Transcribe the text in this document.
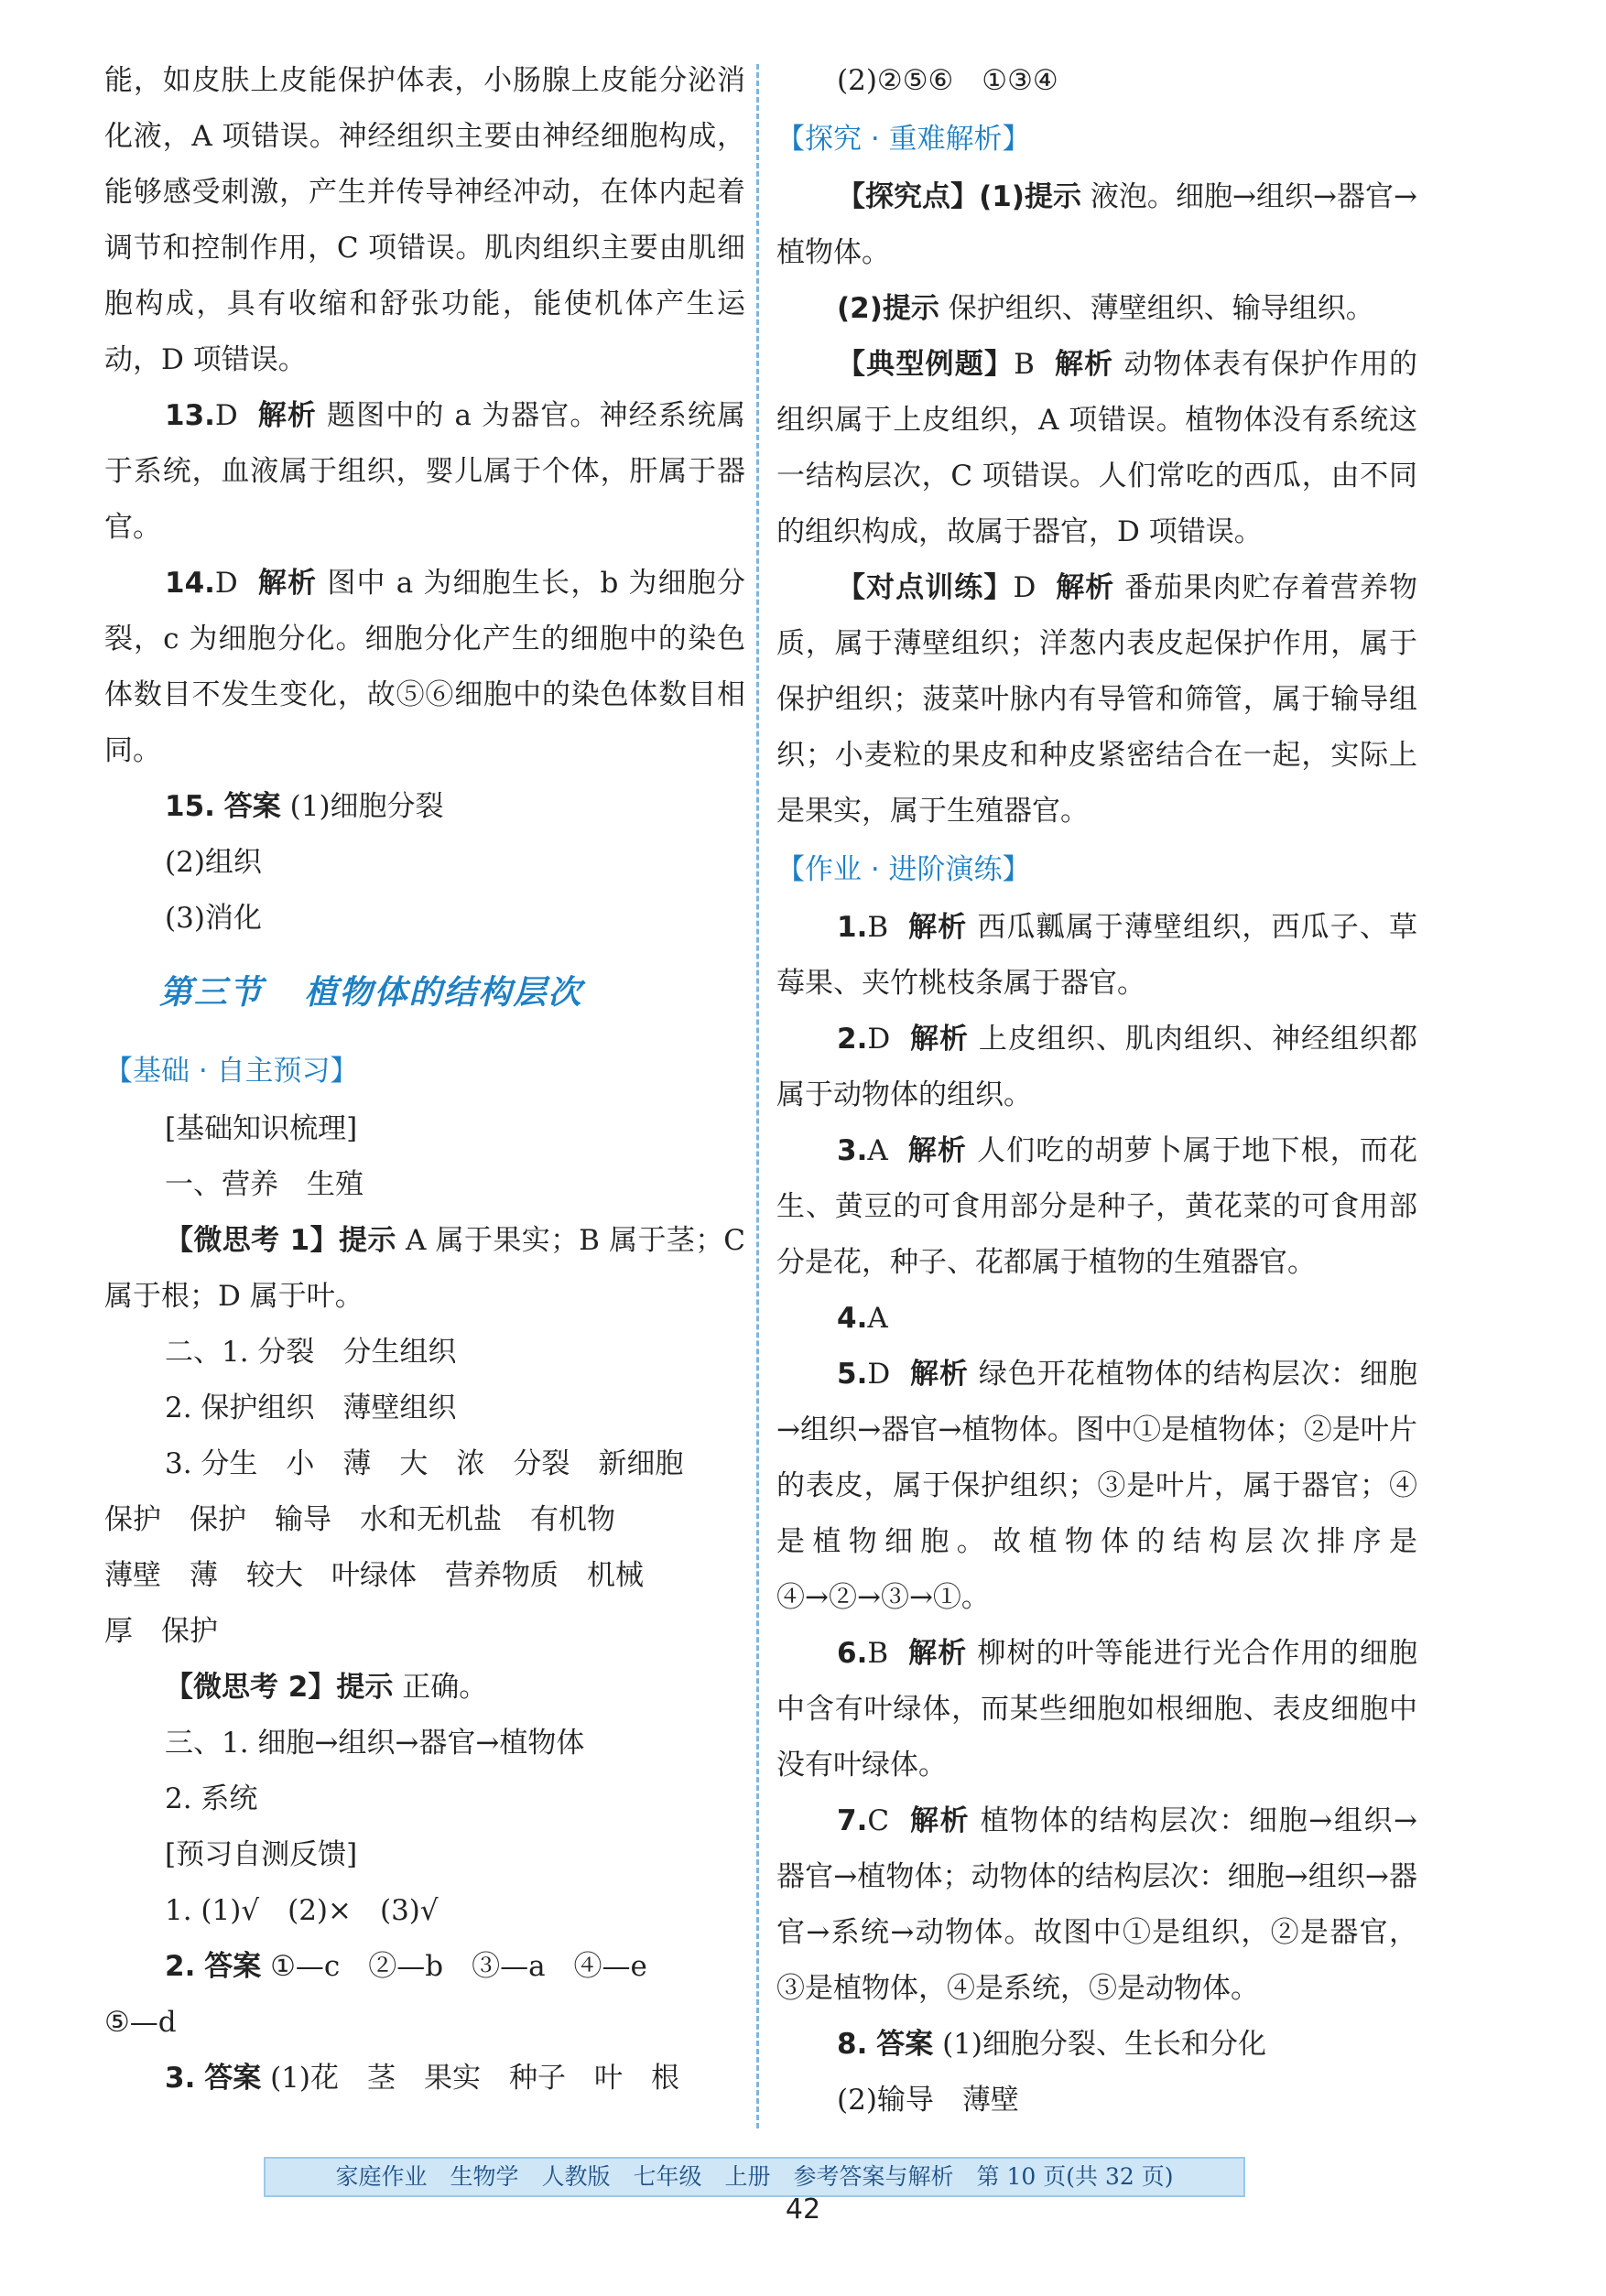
能，如皮肤上皮能保护体表，小肠腺上皮能分泌消化液，A 项错误。神经组织主要由神经细胞构成，能够感受刺激，产生并传导神经冲动，在体内起着调节和控制作用，C 项错误。肌肉组织主要由肌细胞构成，具有收缩和舒张功能，能使机体产生运动，D 项错误。

13.D 解析 题图中的 a 为器官。神经系统属于系统，血液属于组织，婴儿属于个体，肝属于器官。

14.D 解析 图中 a 为细胞生长，b 为细胞分裂，c 为细胞分化。细胞分化产生的细胞中的染色体数目不发生变化，故⑤⑥细胞中的染色体数目相同。

15. 答案 (1)细胞分裂

(2)组织

(3)消化

第三节 植物体的结构层次

【基础 · 自主预习】

[基础知识梳理]

一、营养　生殖

【微思考 1】提示 A 属于果实；B 属于茎；C 属于根；D 属于叶。

二、1. 分裂　分生组织

2. 保护组织　薄壁组织

3. 分生　小　薄　大　浓　分裂　新细胞

保护　保护　输导　水和无机盐　有机物

薄壁　薄　较大　叶绿体　营养物质　机械

厚　保护

【微思考 2】提示 正确。

三、1. 细胞→组织→器官→植物体

2. 系统

[预习自测反馈]

1. (1)√　(2)×　(3)√

2. 答案 ①—c　②—b　③—a　④—e

⑤—d

3. 答案 (1)花　茎　果实　种子　叶　根

(2)②⑤⑥　①③④

【探究 · 重难解析】

【探究点】(1)提示 液泡。细胞→组织→器官→植物体。

(2)提示 保护组织、薄壁组织、输导组织。

【典型例题】B 解析 动物体表有保护作用的组织属于上皮组织，A 项错误。植物体没有系统这一结构层次，C 项错误。人们常吃的西瓜，由不同的组织构成，故属于器官，D 项错误。

【对点训练】D 解析 番茄果肉贮存着营养物质，属于薄壁组织；洋葱内表皮起保护作用，属于保护组织；菠菜叶脉内有导管和筛管，属于输导组织；小麦粒的果皮和种皮紧密结合在一起，实际上是果实，属于生殖器官。

【作业 · 进阶演练】

1.B 解析 西瓜瓤属于薄壁组织，西瓜子、草莓果、夹竹桃枝条属于器官。

2.D 解析 上皮组织、肌肉组织、神经组织都属于动物体的组织。

3.A 解析 人们吃的胡萝卜属于地下根，而花生、黄豆的可食用部分是种子，黄花菜的可食用部分是花，种子、花都属于植物的生殖器官。

4.A

5.D 解析 绿色开花植物体的结构层次：细胞→组织→器官→植物体。图中①是植物体；②是叶片的表皮，属于保护组织；③是叶片，属于器官；④是植物细胞。故植物体的结构层次排序是④→②→③→①。

6.B 解析 柳树的叶等能进行光合作用的细胞中含有叶绿体，而某些细胞如根细胞、表皮细胞中没有叶绿体。

7.C 解析 植物体的结构层次：细胞→组织→器官→植物体；动物体的结构层次：细胞→组织→器官→系统→动物体。故图中①是组织，②是器官，③是植物体，④是系统，⑤是动物体。

8. 答案 (1)细胞分裂、生长和分化

(2)输导　薄壁

家庭作业　生物学　人教版　七年级　上册　参考答案与解析　第 10 页(共 32 页)
42
